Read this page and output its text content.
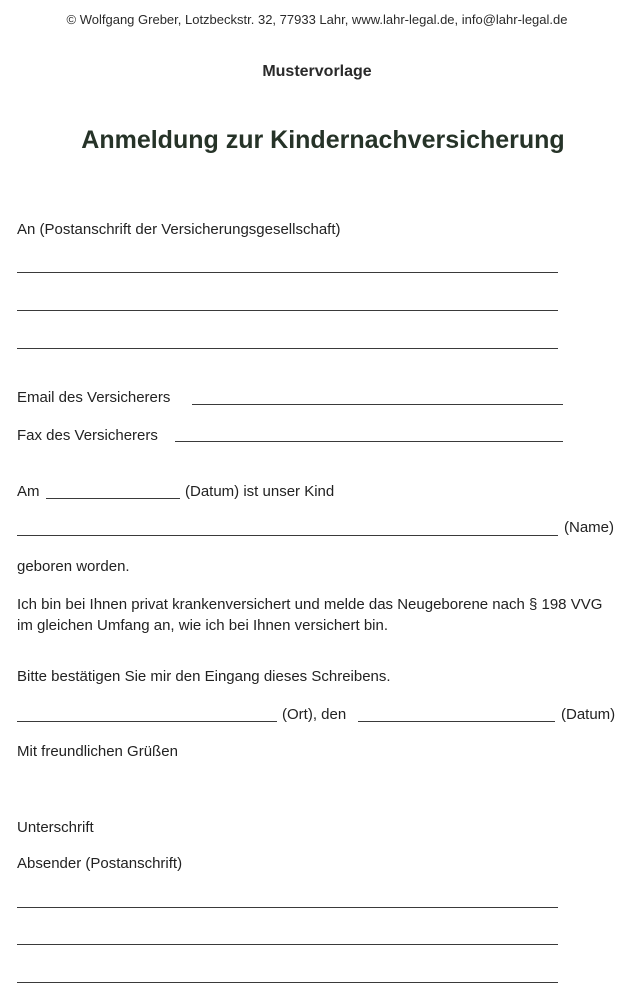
© Wolfgang Greber, Lotzbeckstr. 32, 77933 Lahr, www.lahr-legal.de, info@lahr-legal.de
Mustervorlage
Anmeldung zur Kindernachversicherung
An (Postanschrift der Versicherungsgesellschaft)
Email des Versicherers
Fax des Versicherers
Am	(Datum) ist unser Kind
(Name)
geboren worden.
Ich bin bei Ihnen privat krankenversichert und melde das Neugeborene nach § 198 VVG im gleichen Umfang an, wie ich bei Ihnen versichert bin.
Bitte bestätigen Sie mir den Eingang dieses Schreibens.
(Ort), den	(Datum)
Mit freundlichen Grüßen
Unterschrift
Absender (Postanschrift)
